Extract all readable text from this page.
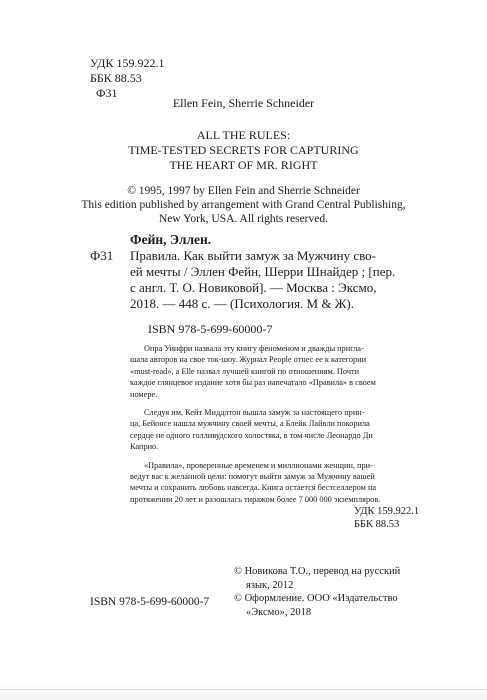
УДК 159.922.1
ББК 88.53
Ф31
Ellen Fein, Sherrie Schneider
ALL THE RULES:
TIME-TESTED SECRETS FOR CAPTURING
THE HEART OF MR. RIGHT
© 1995, 1997 by Ellen Fein and Sherrie Schneider
This edition published by arrangement with Grand Central Publishing,
New York, USA. All rights reserved.
Фейн, Эллен.
Ф31 Правила. Как выйти замуж за Мужчину сво-
ей мечты / Эллен Фейн, Шерри Шнайдер ; [пер.
с англ. Т. О. Новиковой]. — Москва : Эксмо,
2018. — 448 с. — (Психология. М & Ж).
ISBN 978-5-699-60000-7
Опра Уинфри назвала эту книгу феноменом и дважды пригла-
шала авторов на свое ток-шоу. Журнал People отнес ее к категории
«must-read», а Elle назвал лучшей книгой по отношениям. Почти
каждое глянцевое издание хотя бы раз напечатало «Правила» в своем
номере.
Следуя им, Кейт Миддлтон вышла замуж за настоящего прин-
ца, Бейонсе нашла мужчину своей мечты, а Блейк Лайвли покорила
сердце не одного голливудского холостяка, в том числе Леонардо Ди
Каприо.
«Правила», проверенные временем и миллионами женщин, при-
ведут вас к желанной цели: помогут выйти замуж за Мужчину вашей
мечты и сохранить любовь навсегда. Книга остается бестселлером на
протяжении 20 лет и разошлась тиражом более 7 000 000 экземпляров.
УДК 159.922.1
ББК 88.53
© Новикова Т.О., перевод на русский
язык, 2012
© Оформление. ООО «Издательство
«Эксмо», 2018
ISBN 978-5-699-60000-7
